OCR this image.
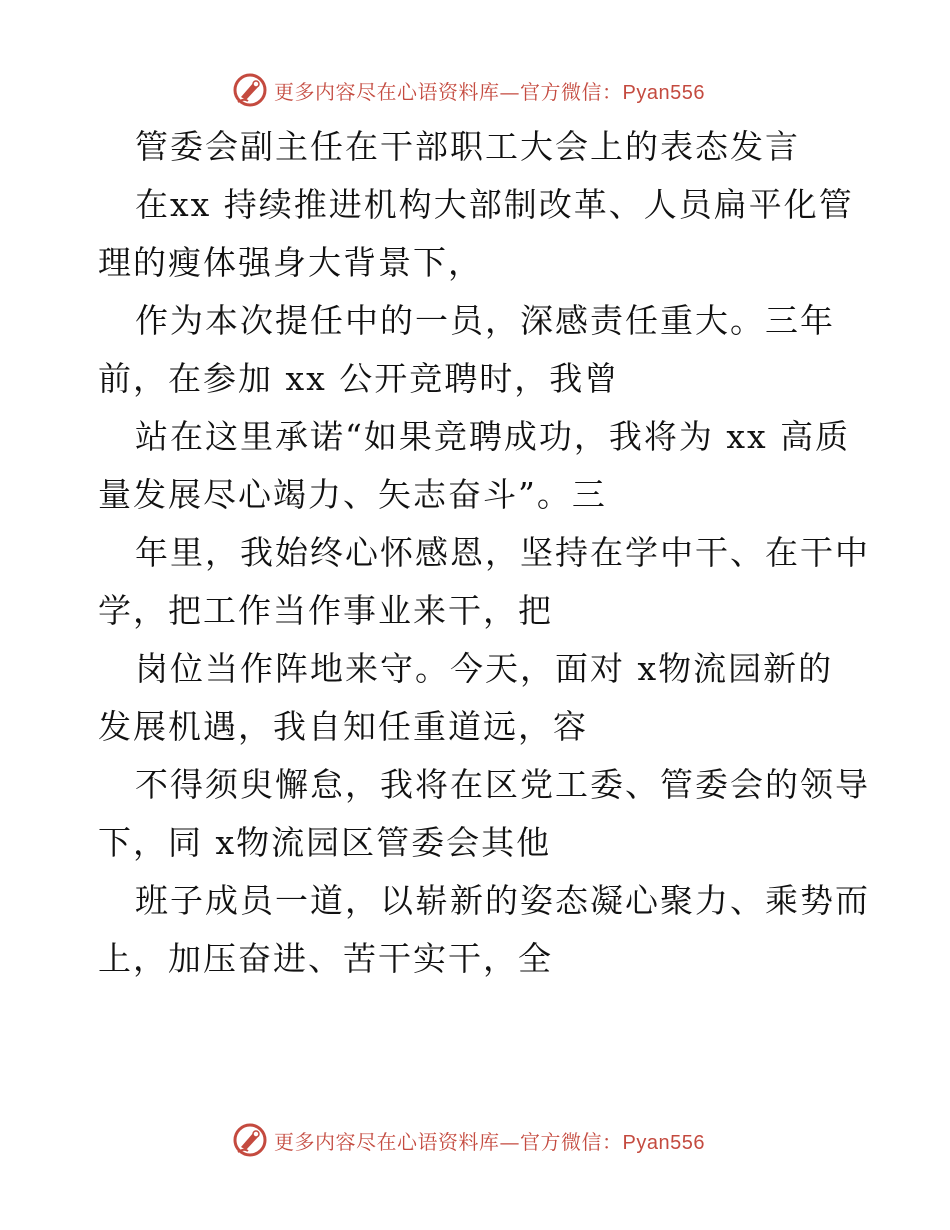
更多内容尽在心语资料库—官方微信：Pyan556
管委会副主任在干部职工大会上的表态发言
在xx 持续推进机构大部制改革、人员扁平化管
理的瘦体强身大背景下，
作为本次提任中的一员，深感责任重大。三年
前，在参加 xx 公开竞聘时，我曾
站在这里承诺“如果竞聘成功，我将为 xx 高质
量发展尽心竭力、矢志奋斗”。三
年里，我始终心怀感恩，坚持在学中干、在干中
学，把工作当作事业来干，把
岗位当作阵地来守。今天，面对 x物流园新的
发展机遇，我自知任重道远，容
不得须臾懈怠，我将在区党工委、管委会的领导
下，同 x物流园区管委会其他
班子成员一道，以崭新的姿态凝心聚力、乘势而
上，加压奋进、苦干实干，全
更多内容尽在心语资料库—官方微信：Pyan556
